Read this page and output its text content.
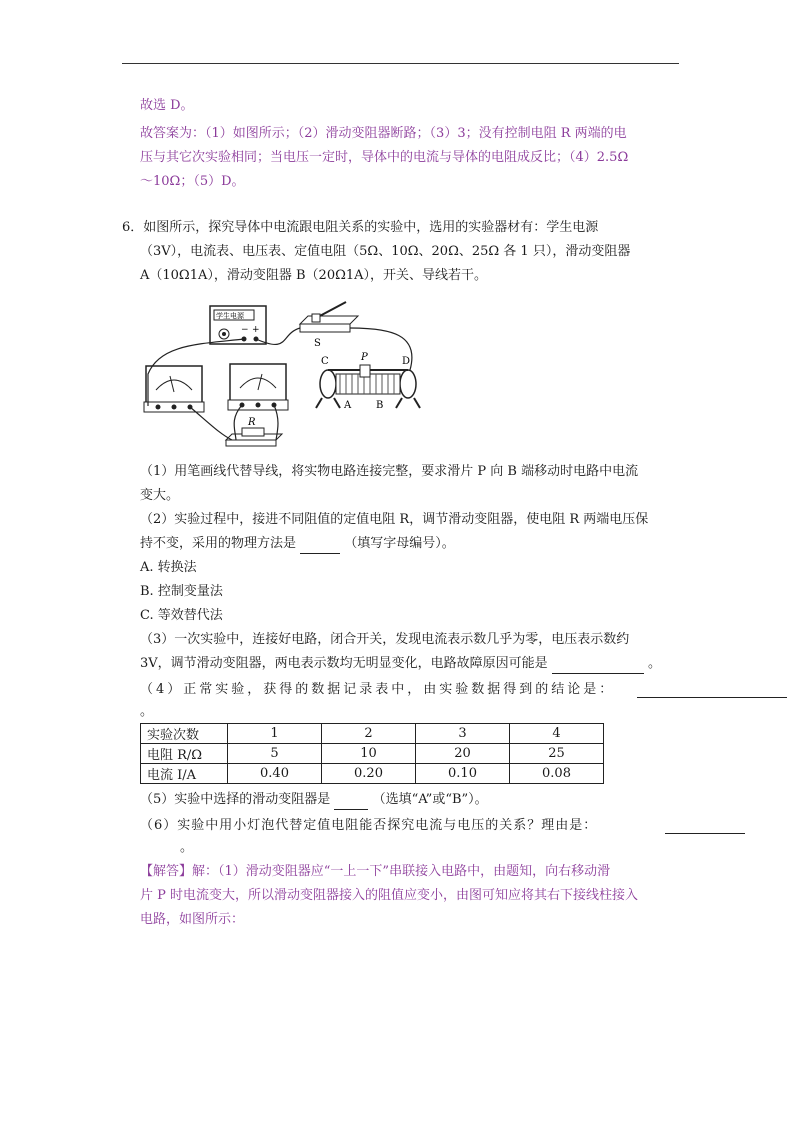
故选 D。
故答案为：（1）如图所示；（2）滑动变阻器断路；（3）3；没有控制电阻 R 两端的电
压与其它次实验相同；当电压一定时，导体中的电流与导体的电阻成反比；（4）2.5Ω
～10Ω；（5）D。
6．如图所示，探究导体中电流跟电阻关系的实验中，选用的实验器材有：学生电源
（3V），电流表、电压表、定值电阻（5Ω、10Ω、20Ω、25Ω 各 1 只），滑动变阻器
A（10Ω1A），滑动变阻器 B（20Ω1A），开关、导线若干。
学生电源
− +
S
C	P	D
A B
R
（1）用笔画线代替导线，将实物电路连接完整，要求滑片 P 向 B 端移动时电路中电流
变大。
（2）实验过程中，接进不同阻值的定值电阻 R，调节滑动变阻器，使电阻 R 两端电压保
持不变，采用的物理方法是	（填写字母编号）。
A. 转换法
B. 控制变量法
C. 等效替代法
（3）一次实验中，连接好电路，闭合开关，发现电流表示数几乎为零，电压表示数约
3V，调节滑动变阻器，两电表示数均无明显变化，电路故障原因可能是	。
（4）正常实验，获得的数据记录表中，由实验数据得到的结论是：
。
实验次数	1	2	3	4
电阻 R/Ω	5	10	20	25
电流 I/A	0.40	0.20	0.10	0.08
（5）实验中选择的滑动变阻器是	（选填“A”或“B”）。
（6）实验中用小灯泡代替定值电阻能否探究电流与电压的关系？理由是：
。
【解答】解：（1）滑动变阻器应“一上一下”串联接入电路中，由题知，向右移动滑
片 P 时电流变大，所以滑动变阻器接入的阻值应变小，由图可知应将其右下接线柱接入
电路，如图所示：
